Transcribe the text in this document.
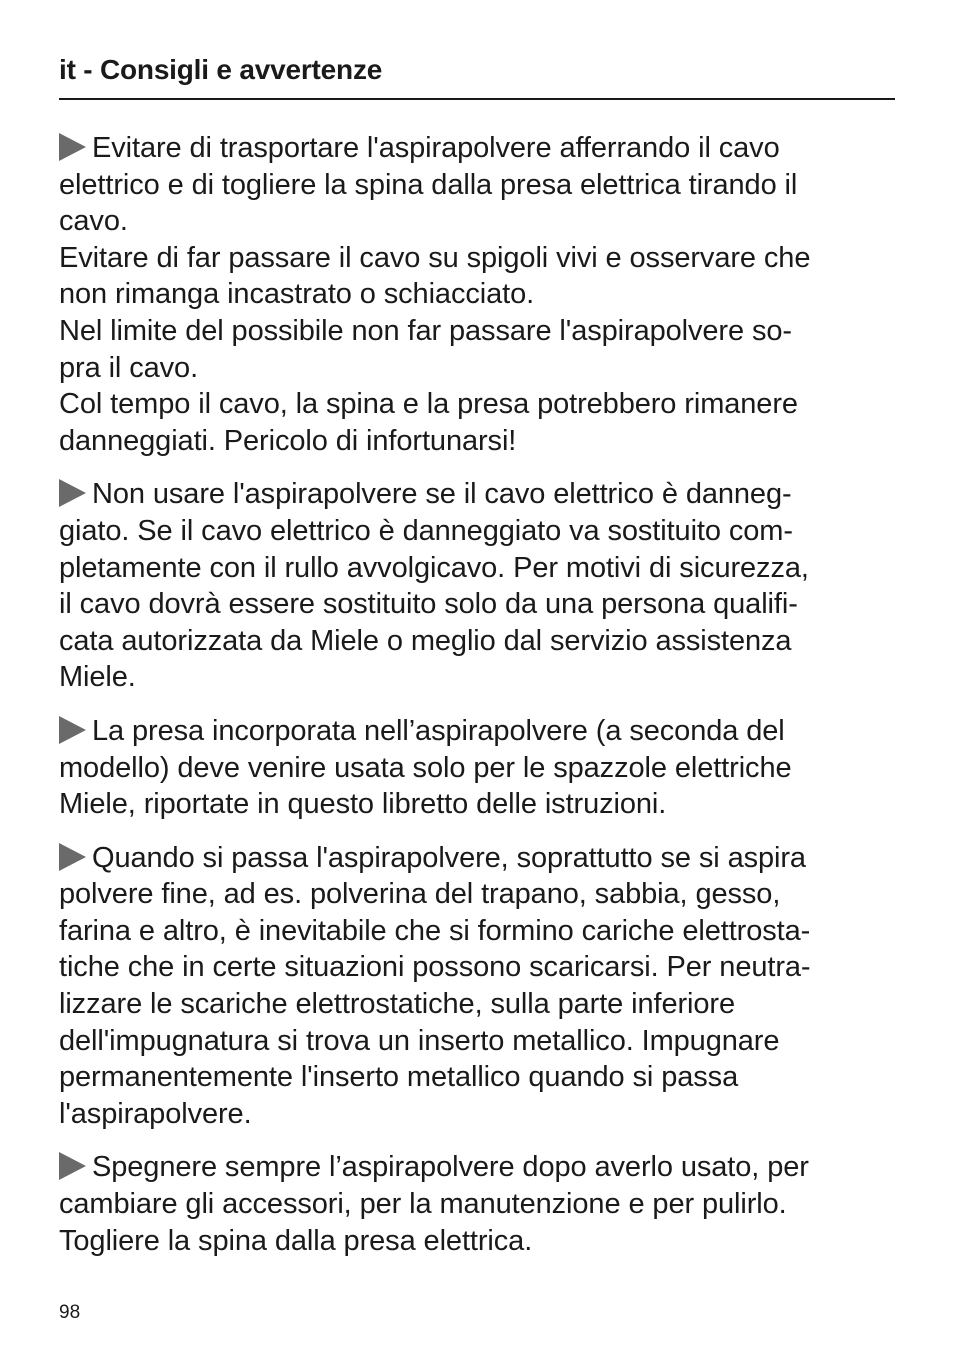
it - Consigli e avvertenze
Evitare di trasportare l'aspirapolvere afferrando il cavo
elettrico e di togliere la spina dalla presa elettrica tirando il
cavo.
Evitare di far passare il cavo su spigoli vivi e osservare che
non rimanga incastrato o schiacciato.
Nel limite del possibile non far passare l'aspirapolvere so-
pra il cavo.
Col tempo il cavo, la spina e la presa potrebbero rimanere
danneggiati. Pericolo di infortunarsi!
Non usare l'aspirapolvere se il cavo elettrico è danneg-
giato. Se il cavo elettrico è danneggiato va sostituito com-
pletamente con il rullo avvolgicavo. Per motivi di sicurezza,
il cavo dovrà essere sostituito solo da una persona qualifi-
cata autorizzata da Miele o meglio dal servizio assistenza
Miele.
La presa incorporata nell’aspirapolvere (a seconda del
modello) deve venire usata solo per le spazzole elettriche
Miele, riportate in questo libretto delle istruzioni.
Quando si passa l'aspirapolvere, soprattutto se si aspira
polvere fine, ad es. polverina del trapano, sabbia, gesso,
farina e altro, è inevitabile che si formino cariche elettrosta-
tiche che in certe situazioni possono scaricarsi. Per neutra-
lizzare le scariche elettrostatiche, sulla parte inferiore
dell'impugnatura si trova un inserto metallico. Impugnare
permanentemente l'inserto metallico quando si passa
l'aspirapolvere.
Spegnere sempre l’aspirapolvere dopo averlo usato, per
cambiare gli accessori, per la manutenzione e per pulirlo.
Togliere la spina dalla presa elettrica.
98
